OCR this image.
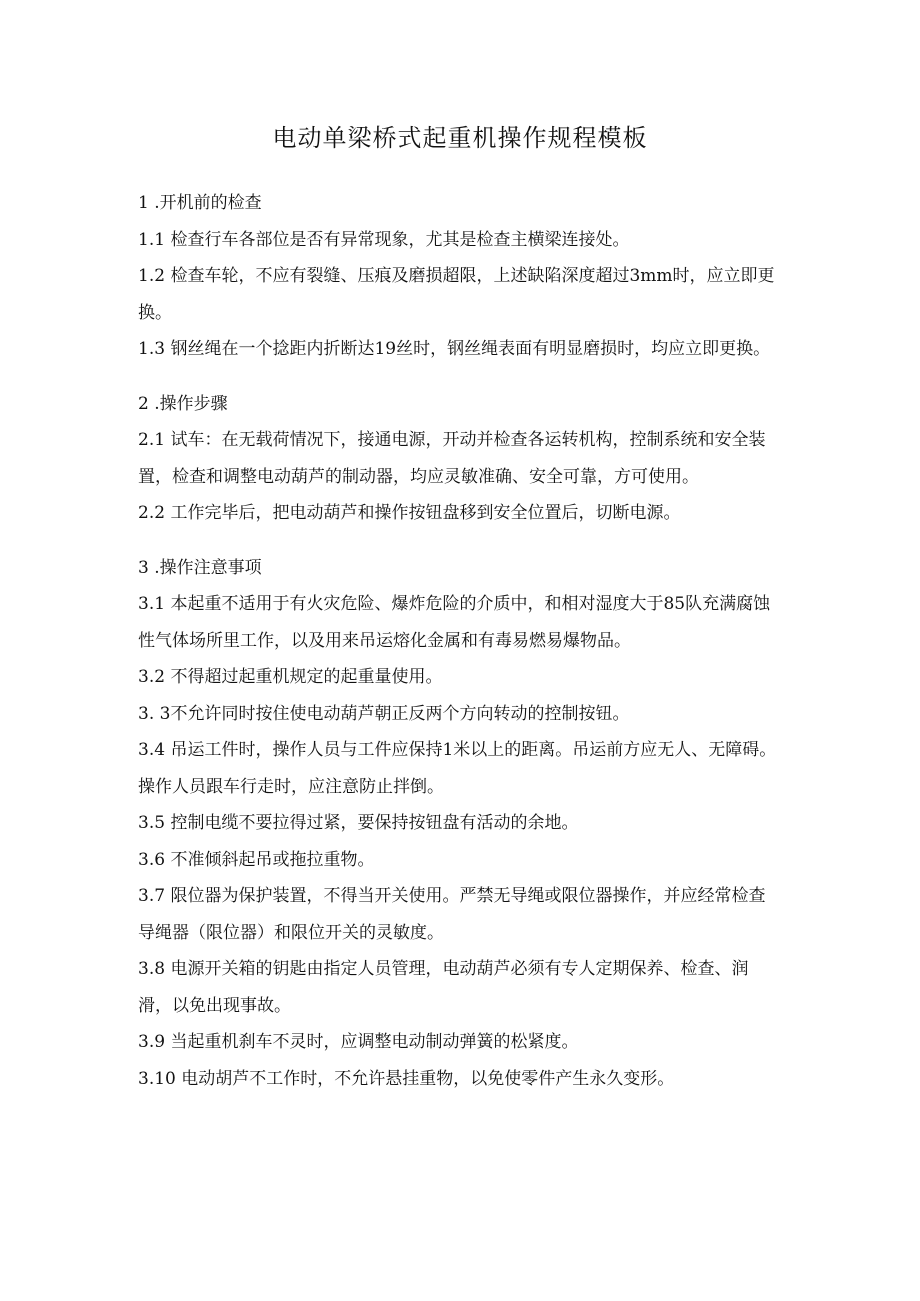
电动单梁桥式起重机操作规程模板

1 .开机前的检查

1.1 检查行车各部位是否有异常现象，尤其是检查主横梁连接处。

1.2 检查车轮，不应有裂缝、压痕及磨损超限，上述缺陷深度超过3mm时，应立即更换。

1.3 钢丝绳在一个捻距内折断达19丝时，钢丝绳表面有明显磨损时，均应立即更换。

2 .操作步骤

2.1 试车：在无载荷情况下，接通电源，开动并检查各运转机构，控制系统和安全装置，检查和调整电动葫芦的制动器，均应灵敏准确、安全可靠，方可使用。

2.2 工作完毕后，把电动葫芦和操作按钮盘移到安全位置后，切断电源。

3 .操作注意事项

3.1 本起重不适用于有火灾危险、爆炸危险的介质中，和相对湿度大于85队充满腐蚀性气体场所里工作，以及用来吊运熔化金属和有毒易燃易爆物品。

3.2 不得超过起重机规定的起重量使用。

3. 3不允许同时按住使电动葫芦朝正反两个方向转动的控制按钮。

3.4 吊运工件时，操作人员与工件应保持1米以上的距离。吊运前方应无人、无障碍。操作人员跟车行走时，应注意防止拌倒。

3.5 控制电缆不要拉得过紧，要保持按钮盘有活动的余地。

3.6 不准倾斜起吊或拖拉重物。

3.7 限位器为保护装置，不得当开关使用。严禁无导绳或限位器操作，并应经常检查导绳器（限位器）和限位开关的灵敏度。

3.8 电源开关箱的钥匙由指定人员管理，电动葫芦必须有专人定期保养、检查、润滑，以免出现事故。

3.9 当起重机刹车不灵时，应调整电动制动弹簧的松紧度。

3.10 电动胡芦不工作时，不允许悬挂重物，以免使零件产生永久变形。
